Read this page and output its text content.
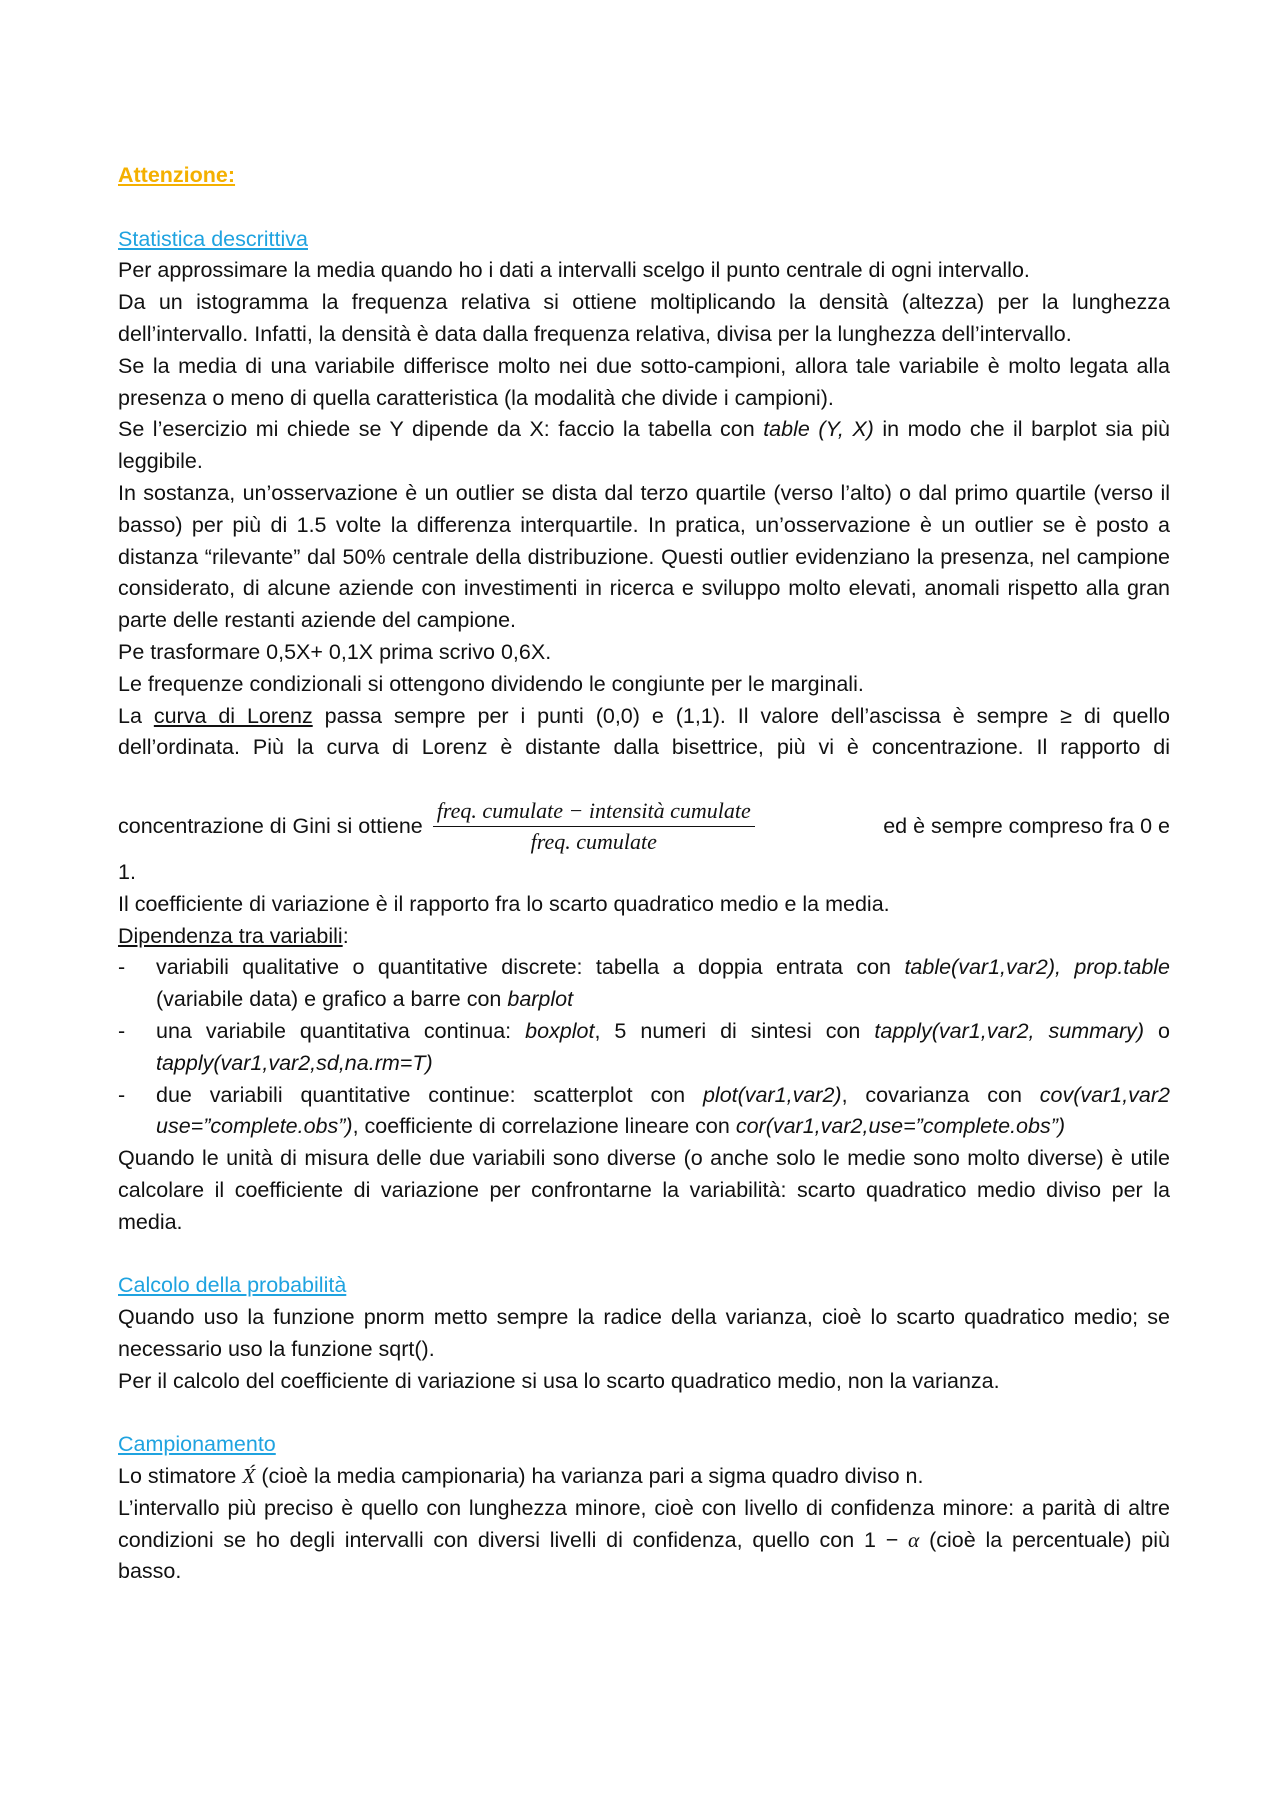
Attenzione:

Statistica descrittiva

Per approssimare la media quando ho i dati a intervalli scelgo il punto centrale di ogni intervallo.

Da un istogramma la frequenza relativa si ottiene moltiplicando la densità (altezza) per la lunghezza dell’intervallo. Infatti, la densità è data dalla frequenza relativa, divisa per la lunghezza dell’intervallo.

Se la media di una variabile differisce molto nei due sotto-campioni, allora tale variabile è molto legata alla presenza o meno di quella caratteristica (la modalità che divide i campioni).

Se l’esercizio mi chiede se Y dipende da X: faccio la tabella con table (Y, X) in modo che il barplot sia più leggibile.

In sostanza, un’osservazione è un outlier se dista dal terzo quartile (verso l’alto) o dal primo quartile (verso il basso) per più di 1.5 volte la differenza interquartile. In pratica, un’osservazione è un outlier se è posto a distanza “rilevante” dal 50% centrale della distribuzione. Questi outlier evidenziano la presenza, nel campione considerato, di alcune aziende con investimenti in ricerca e sviluppo molto elevati, anomali rispetto alla gran parte delle restanti aziende del campione.

Pe trasformare 0,5X+ 0,1X prima scrivo 0,6X.

Le frequenze condizionali si ottengono dividendo le congiunte per le marginali.

La curva di Lorenz passa sempre per i punti (0,0) e (1,1). Il valore dell’ascissa è sempre ≥ di quello dell’ordinata. Più la curva di Lorenz è distante dalla bisettrice, più vi è concentrazione. Il rapporto di

concentrazione di Gini si ottiene $\frac{\text{freq. cumulate − intensità cumulate}}{\text{freq. cumulate}}$	ed è sempre compreso fra 0 e

1.

Il coefficiente di variazione è il rapporto fra lo scarto quadratico medio e la media.

Dipendenza tra variabili:

- variabili qualitative o quantitative discrete: tabella a doppia entrata con table(var1,var2), prop.table (variabile data) e grafico a barre con barplot
- una variabile quantitativa continua: boxplot, 5 numeri di sintesi con tapply(var1,var2, summary) o tapply(var1,var2,sd,na.rm=T)
- due variabili quantitative continue: scatterplot con plot(var1,var2), covarianza con cov(var1,var2 use=”complete.obs”), coefficiente di correlazione lineare con cor(var1,var2,use=”complete.obs”)

Quando le unità di misura delle due variabili sono diverse (o anche solo le medie sono molto diverse) è utile calcolare il coefficiente di variazione per confrontarne la variabilità: scarto quadratico medio diviso per la media.

Calcolo della probabilità

Quando uso la funzione pnorm metto sempre la radice della varianza, cioè lo scarto quadratico medio; se necessario uso la funzione sqrt().

Per il calcolo del coefficiente di variazione si usa lo scarto quadratico medio, non la varianza.

Campionamento

Lo stimatore X́ (cioè la media campionaria) ha varianza pari a sigma quadro diviso n.

L’intervallo più preciso è quello con lunghezza minore, cioè con livello di confidenza minore: a parità di altre condizioni se ho degli intervalli con diversi livelli di confidenza, quello con 1 − α (cioè la percentuale) più basso.
